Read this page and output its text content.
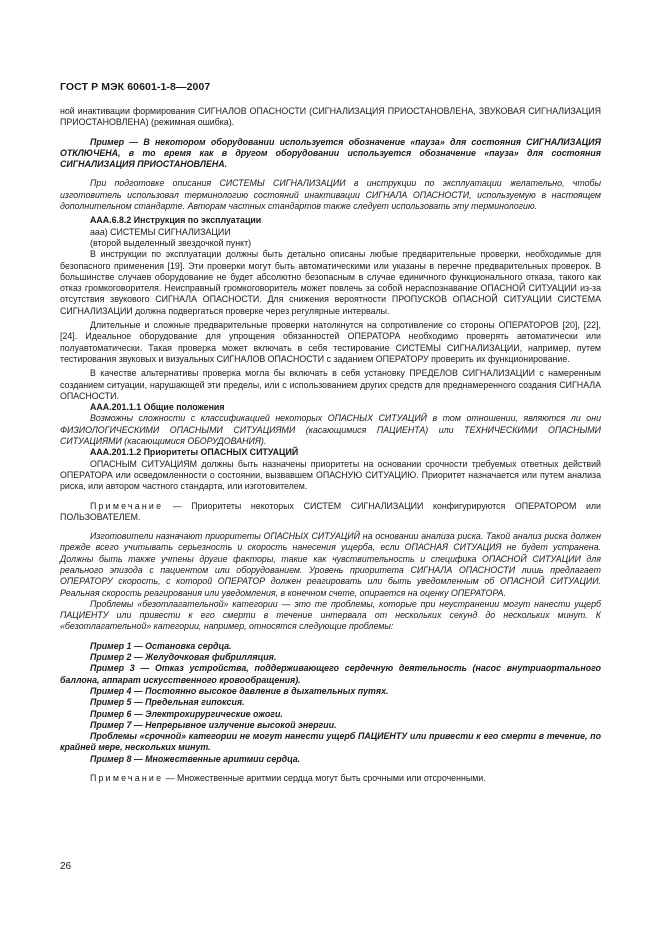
ГОСТ Р МЭК 60601-1-8—2007

ной инактивации формирования СИГНАЛОВ ОПАСНОСТИ (СИГНАЛИЗАЦИЯ ПРИОСТАНОВЛЕНА, ЗВУКОВАЯ СИГНАЛИЗАЦИЯ ПРИОСТАНОВЛЕНА) (режимная ошибка).

Пример — В некотором оборудовании используется обозначение «пауза» для состояния СИГНАЛИЗАЦИЯ ОТКЛЮЧЕНА, в то время как в другом оборудовании используется обозначение «пауза» для состояния СИГНАЛИЗАЦИЯ ПРИОСТАНОВЛЕНА.

При подготовке описания СИСТЕМЫ СИГНАЛИЗАЦИИ в инструкции по эксплуатации желательно, чтобы изготовитель использовал терминологию состояний инактивации СИГНАЛА ОПАСНОСТИ, используемую в настоящем дополнительном стандарте. Авторам частных стандартов также следует использовать эту терминологию.

ААА.6.8.2 Инструкция по эксплуатации

ааа) СИСТЕМЫ СИГНАЛИЗАЦИИ

(второй выделенный звездочкой пункт)

В инструкции по эксплуатации должны быть детально описаны любые предварительные проверки, необходимые для безопасного применения [19]. Эти проверки могут быть автоматическими или указаны в перечне предварительных проверок. В большинстве случаев оборудование не будет абсолютно безопасным в случае единичного функционального отказа, такого как отказ громкоговорителя. Неисправный громкоговоритель может повлечь за собой нераспознавание ОПАСНОЙ СИТУАЦИИ из-за отсутствия звукового СИГНАЛА ОПАСНОСТИ. Для снижения вероятности ПРОПУСКОВ ОПАСНОЙ СИТУАЦИИ СИСТЕМА СИГНАЛИЗАЦИИ должна подвергаться проверке через регулярные интервалы.

Длительные и сложные предварительные проверки натолкнутся на сопротивление со стороны ОПЕРАТОРОВ [20], [22], [24]. Идеальное оборудование для упрощения обязанностей ОПЕРАТОРА необходимо проверять автоматически или полуавтоматически. Такая проверка может включать в себя тестирование СИСТЕМЫ СИГНАЛИЗАЦИИ, например, путем тестирования звуковых и визуальных СИГНАЛОВ ОПАСНОСТИ с заданием ОПЕРАТОРУ проверить их функционирование.

В качестве альтернативы проверка могла бы включать в себя установку ПРЕДЕЛОВ СИГНАЛИЗАЦИИ с намеренным созданием ситуации, нарушающей эти пределы, или с использованием других средств для преднамеренного создания СИГНАЛА ОПАСНОСТИ.

ААА.201.1.1 Общие положения

Возможны сложности с классификацией некоторых ОПАСНЫХ СИТУАЦИЙ в том отношении, являются ли они ФИЗИОЛОГИЧЕСКИМИ ОПАСНЫМИ СИТУАЦИЯМИ (касающимися ПАЦИЕНТА) или ТЕХНИЧЕСКИМИ ОПАСНЫМИ СИТУАЦИЯМИ (касающимися ОБОРУДОВАНИЯ).

ААА.201.1.2 Приоритеты ОПАСНЫХ СИТУАЦИЙ

ОПАСНЫМ СИТУАЦИЯМ должны быть назначены приоритеты на основании срочности требуемых ответных действий ОПЕРАТОРА или осведомленности о состоянии, вызвавшем ОПАСНУЮ СИТУАЦИЮ. Приоритет назначается или путем анализа риска, или автором частного стандарта, или изготовителем.

Примечание — Приоритеты некоторых СИСТЕМ СИГНАЛИЗАЦИИ конфигурируются ОПЕРАТОРОМ или ПОЛЬЗОВАТЕЛЕМ.

Изготовители назначают приоритеты ОПАСНЫХ СИТУАЦИЙ на основании анализа риска. Такой анализ риска должен прежде всего учитывать серьезность и скорость нанесения ущерба, если ОПАСНАЯ СИТУАЦИЯ не будет устранена. Должны быть также учтены другие факторы, такие как чувствительность и специфика ОПАСНОЙ СИТУАЦИИ для реального эпизода с пациентом или оборудованием. Уровень приоритета СИГНАЛА ОПАСНОСТИ лишь предлагает ОПЕРАТОРУ скорость, с которой ОПЕРАТОР должен реагировать или быть уведомленным об ОПАСНОЙ СИТУАЦИИ. Реальная скорость реагирования или уведомления, в конечном счете, опирается на оценку ОПЕРАТОРА.

Проблемы «безотлагательной» категории — это те проблемы, которые при неустранении могут нанести ущерб ПАЦИЕНТУ или привести к его смерти в течение интервала от нескольких секунд до нескольких минут. К «безотлагательной» категории, например, относятся следующие проблемы:

Пример 1 — Остановка сердца.

Пример 2 — Желудочковая фибрилляция.

Пример 3 — Отказ устройства, поддерживающего сердечную деятельность (насос внутриаортального баллона, аппарат искусственного кровообращения).

Пример 4 — Постоянно высокое давление в дыхательных путях.

Пример 5 — Предельная гипоксия.

Пример 6 — Электрохирургические ожоги.

Пример 7 — Непрерывное излучение высокой энергии.

Проблемы «срочной» категории не могут нанести ущерб ПАЦИЕНТУ или привести к его смерти в течение, по крайней мере, нескольких минут.

Пример 8 — Множественные аритмии сердца.

Примечание — Множественные аритмии сердца могут быть срочными или отсроченными.

26
